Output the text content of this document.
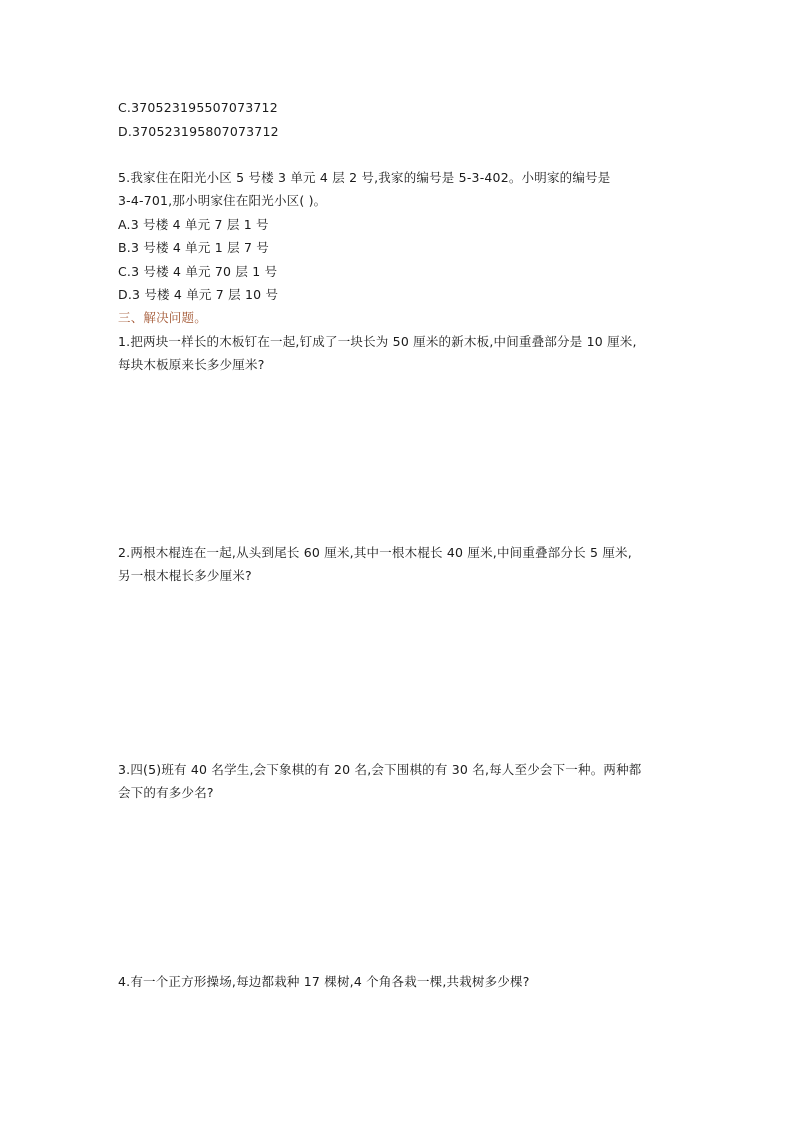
C.370523195507073712
D.370523195807073712
5.我家住在阳光小区 5 号楼 3 单元 4 层 2 号,我家的编号是 5-3-402。小明家的编号是
3-4-701,那小明家住在阳光小区( )。
A.3 号楼 4 单元 7 层 1 号
B.3 号楼 4 单元 1 层 7 号
C.3 号楼 4 单元 70 层 1 号
D.3 号楼 4 单元 7 层 10 号
三、解决问题。
1.把两块一样长的木板钉在一起,钉成了一块长为 50 厘米的新木板,中间重叠部分是 10 厘米,
每块木板原来长多少厘米?
2.两根木棍连在一起,从头到尾长 60 厘米,其中一根木棍长 40 厘米,中间重叠部分长 5 厘米,
另一根木棍长多少厘米?
3.四(5)班有 40 名学生,会下象棋的有 20 名,会下围棋的有 30 名,每人至少会下一种。两种都
会下的有多少名?
4.有一个正方形操场,每边都栽种 17 棵树,4 个角各栽一棵,共栽树多少棵?
